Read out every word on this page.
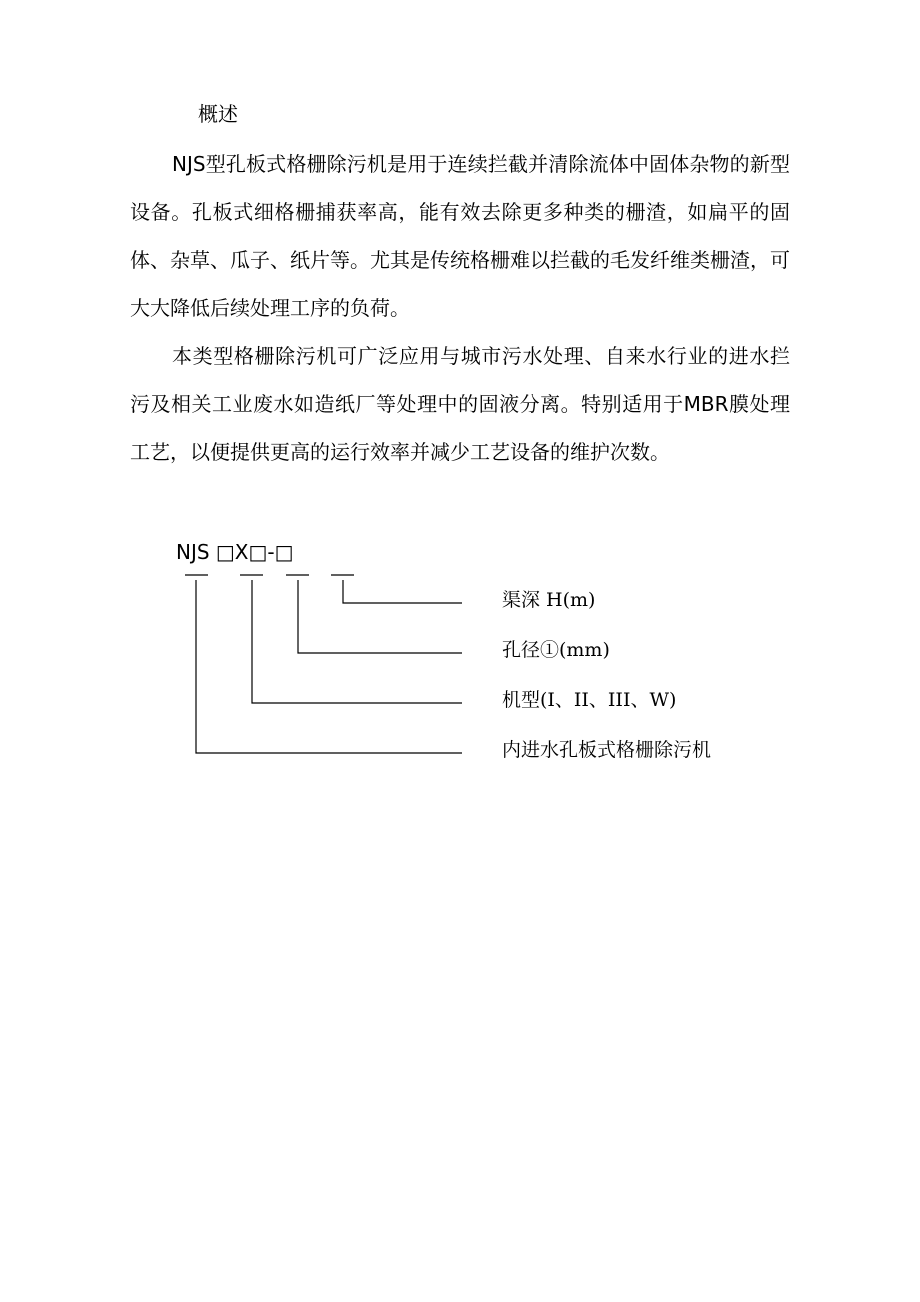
概述

NJS型孔板式格栅除污机是用于连续拦截并清除流体中固体杂物的新型设备。孔板式细格栅捕获率高，能有效去除更多种类的栅渣，如扁平的固体、杂草、瓜子、纸片等。尤其是传统格栅难以拦截的毛发纤维类栅渣，可大大降低后续处理工序的负荷。

本类型格栅除污机可广泛应用与城市污水处理、自来水行业的进水拦污及相关工业废水如造纸厂等处理中的固液分离。特别适用于MBR膜处理工艺，以便提供更高的运行效率并减少工艺设备的维护次数。

NJS □X□-□
渠深 H(m)
孔径①(mm)
机型(I、II、III、W)
内进水孔板式格栅除污机
